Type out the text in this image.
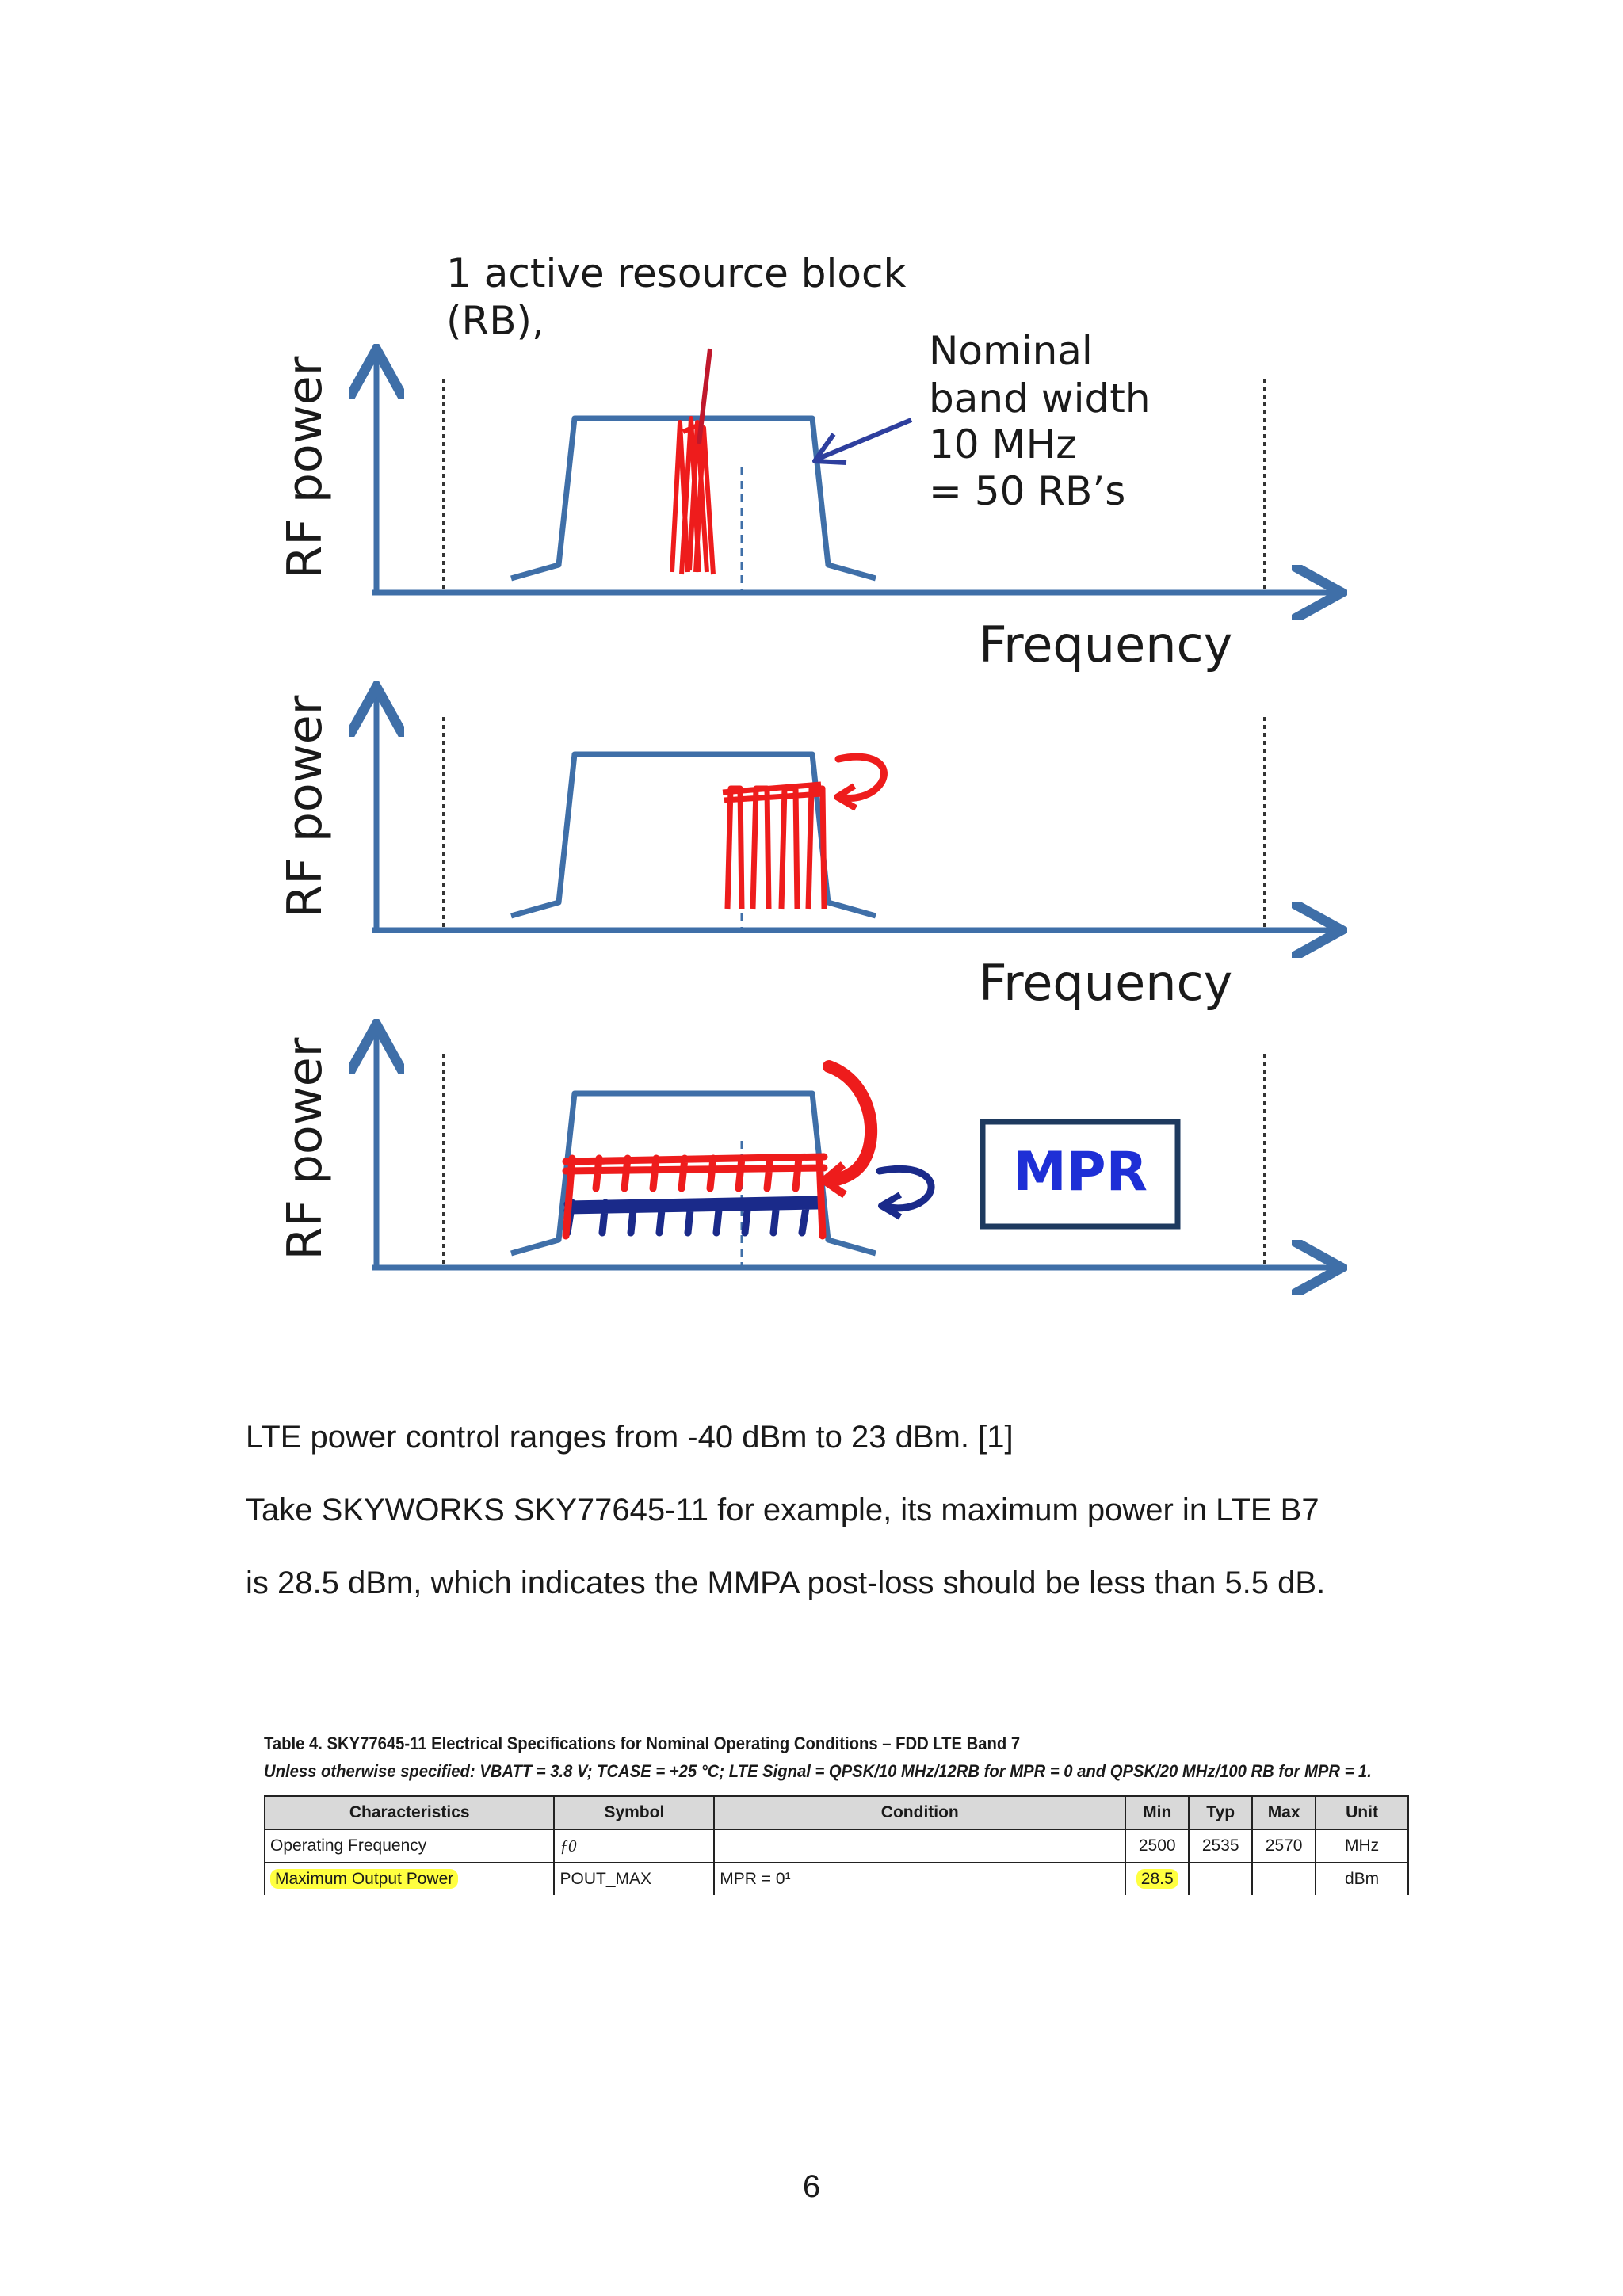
1 active resource block
(RB),
Nominal
band width
10 MHz
= 50 RB’s
RF power
Frequency
RF power
Frequency
RF power	MPR
LTE power control ranges from -40 dBm to 23 dBm. [1]
Take SKYWORKS SKY77645-11 for example, its maximum power in LTE B7
is 28.5 dBm, which indicates the MMPA post-loss should be less than 5.5 dB.
Table 4. SKY77645-11 Electrical Specifications for Nominal Operating Conditions – FDD LTE Band 7
Unless otherwise specified: VBATT = 3.8 V; TCASE = +25 °C; LTE Signal = QPSK/10 MHz/12RB for MPR = 0 and QPSK/20 MHz/100 RB for MPR = 1.
Characteristics	Symbol	Condition	Min	Typ	Max	Unit
Operating Frequency	ƒ0		2500	2535	2570	MHz
Maximum Output Power	POUT_MAX	MPR = 0¹	28.5			dBm
6
